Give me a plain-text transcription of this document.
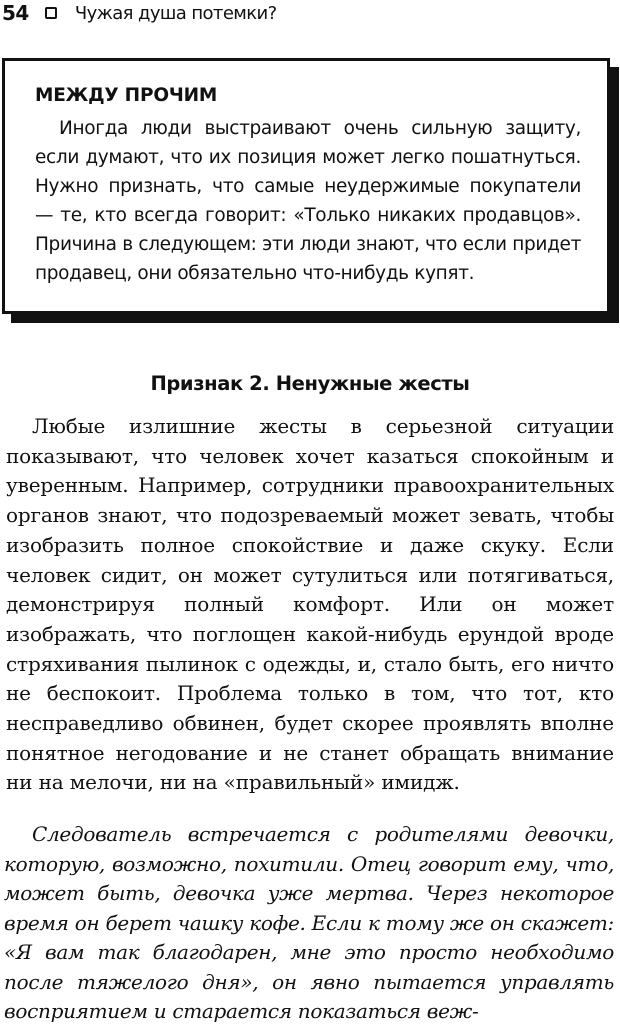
54	Чужая душа потемки?
МЕЖДУ ПРОЧИМ

Иногда люди выстраивают очень сильную защиту, если думают, что их позиция может легко пошатнуться. Нужно признать, что самые неудержимые покупатели — те, кто всегда говорит: «Только никаких продавцов». Причина в следующем: эти люди знают, что если придет продавец, они обязательно что-нибудь купят.

Признак 2. Ненужные жесты

Любые излишние жесты в серьезной ситуации показывают, что человек хочет казаться спокойным и уверенным. Например, сотрудники правоохранительных органов знают, что подозреваемый может зевать, чтобы изобразить полное спокойствие и даже скуку. Если человек сидит, он может сутулиться или потягиваться, демонстрируя полный комфорт. Или он может изображать, что поглощен какой-нибудь ерундой вроде стряхивания пылинок с одежды, и, стало быть, его ничто не беспокоит. Проблема только в том, что тот, кто несправедливо обвинен, будет скорее проявлять вполне понятное негодование и не станет обращать внимание ни на мелочи, ни на «правильный» имидж.

Следователь встречается с родителями девочки, которую, возможно, похитили. Отец говорит ему, что, может быть, девочка уже мертва. Через некоторое время он берет чашку кофе. Если к тому же он скажет: «Я вам так благодарен, мне это просто необходимо после тяжелого дня», он явно пытается управлять восприятием и старается показаться веж-
